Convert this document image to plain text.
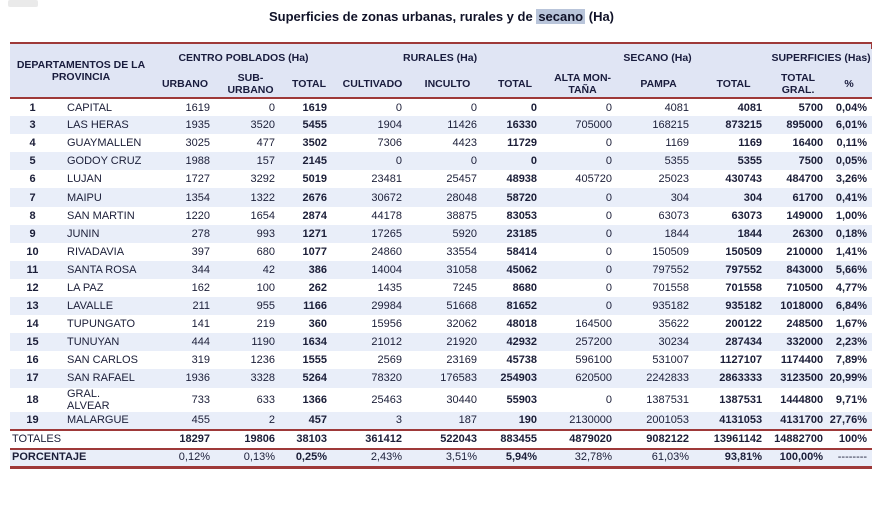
Superficies de zonas urbanas, rurales y de secano (Ha)
DEPARTAMENTOS DE LA PROVINCIA		CENTRO POBLADOS (Ha)			RURALES (Ha)			SECANO (Ha)			SUPERFICIES (Has)	
		URBANO	SUB-URBANO	TOTAL	CULTIVADO	INCULTO	TOTAL	ALTA MON-TAÑA	PAMPA	TOTAL	TOTAL GRAL.	%
1	CAPITAL	1619	0	1619	0	0	0	0	4081	4081	5700	0,04%
3	LAS HERAS	1935	3520	5455	1904	11426	16330	705000	168215	873215	895000	6,01%
4	GUAYMALLEN	3025	477	3502	7306	4423	11729	0	1169	1169	16400	0,11%
5	GODOY CRUZ	1988	157	2145	0	0	0	0	5355	5355	7500	0,05%
6	LUJAN	1727	3292	5019	23481	25457	48938	405720	25023	430743	484700	3,26%
7	MAIPU	1354	1322	2676	30672	28048	58720	0	304	304	61700	0,41%
8	SAN MARTIN	1220	1654	2874	44178	38875	83053	0	63073	63073	149000	1,00%
9	JUNIN	278	993	1271	17265	5920	23185	0	1844	1844	26300	0,18%
10	RIVADAVIA	397	680	1077	24860	33554	58414	0	150509	150509	210000	1,41%
11	SANTA ROSA	344	42	386	14004	31058	45062	0	797552	797552	843000	5,66%
12	LA PAZ	162	100	262	1435	7245	8680	0	701558	701558	710500	4,77%
13	LAVALLE	211	955	1166	29984	51668	81652	0	935182	935182	1018000	6,84%
14	TUPUNGATO	141	219	360	15956	32062	48018	164500	35622	200122	248500	1,67%
15	TUNUYAN	444	1190	1634	21012	21920	42932	257200	30234	287434	332000	2,23%
16	SAN CARLOS	319	1236	1555	2569	23169	45738	596100	531007	1127107	1174400	7,89%
17	SAN RAFAEL	1936	3328	5264	78320	176583	254903	620500	2242833	2863333	3123500	20,99%
18	GRAL. ALVEAR	733	633	1366	25463	30440	55903	0	1387531	1387531	1444800	9,71%
19	MALARGUE	455	2	457	3	187	190	2130000	2001053	4131053	4131700	27,76%
TOTALES		18297	19806	38103	361412	522043	883455	4879020	9082122	13961142	14882700	100%
PORCENTAJE		0,12%	0,13%	0,25%	2,43%	3,51%	5,94%	32,78%	61,03%	93,81%	100,00%	--------
